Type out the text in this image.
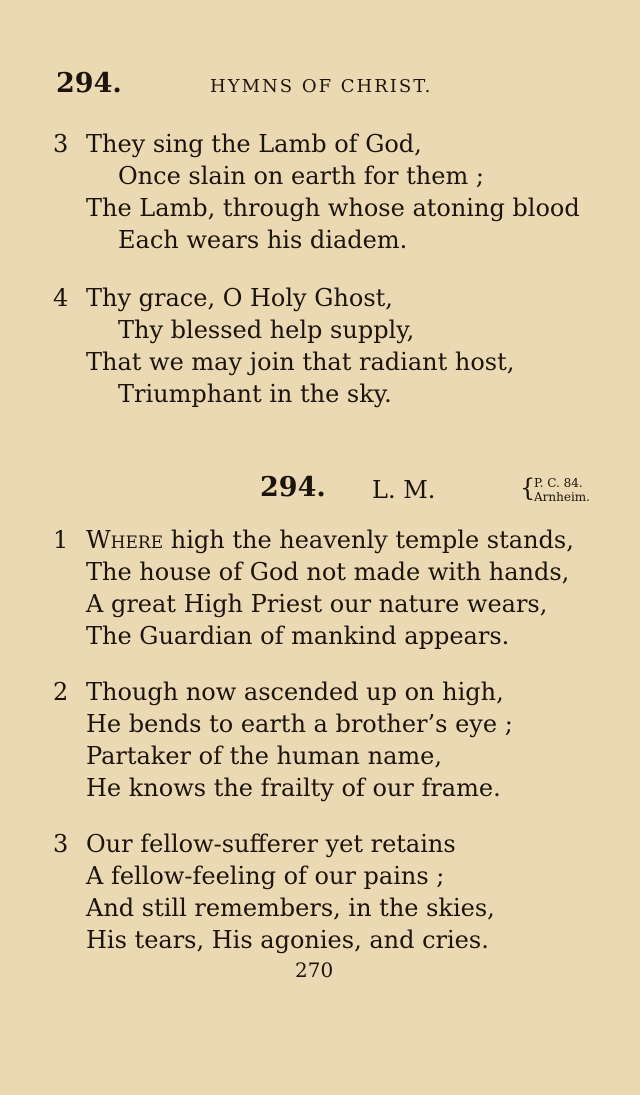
294.	HYMNS OF CHRIST.
3 They sing the Lamb of God,
Once slain on earth for them ;
The Lamb, through whose atoning blood
Each wears his diadem.
4 Thy grace, O Holy Ghost,
Thy blessed help supply,
That we may join that radiant host,
Triumphant in the sky.
294. L. M.	{
P. C. 84.
Arnheim.
1 Where high the heavenly temple stands,
The house of God not made with hands,
A great High Priest our nature wears,
The Guardian of mankind appears.
2 Though now ascended up on high,
He bends to earth a brother’s eye ;
Partaker of the human name,
He knows the frailty of our frame.
3 Our fellow-sufferer yet retains
A fellow-feeling of our pains ;
And still remembers, in the skies,
His tears, His agonies, and cries.
270
